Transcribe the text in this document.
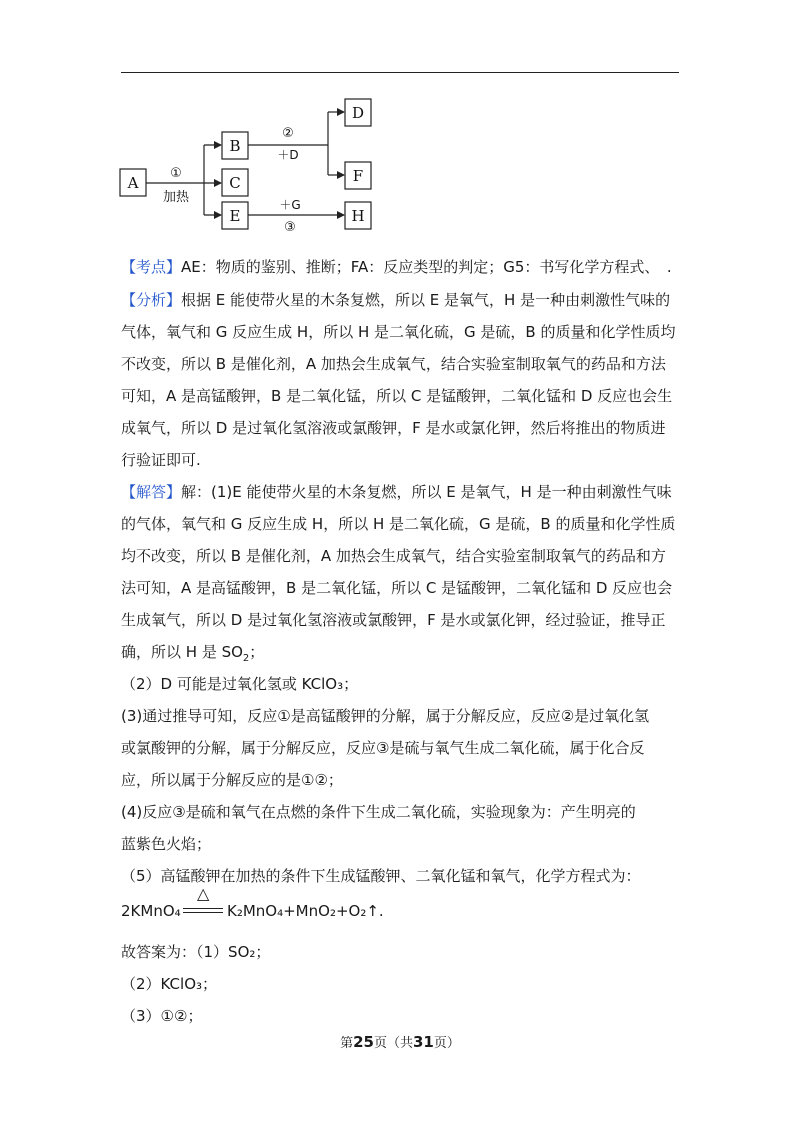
A
B
C
E
D
F
H
①
加热
②
＋D
＋G
③
【考点】AE：物质的鉴别、推断；FA：反应类型的判定；G5：书写化学方程式、　.
【分析】根据 E 能使带火星的木条复燃，所以 E 是氧气，H 是一种由刺激性气味的
气体，氧气和 G 反应生成 H，所以 H 是二氧化硫，G 是硫，B 的质量和化学性质均
不改变，所以 B 是催化剂，A 加热会生成氧气，结合实验室制取氧气的药品和方法
可知，A 是高锰酸钾，B 是二氧化锰，所以 C 是锰酸钾，二氧化锰和 D 反应也会生
成氧气，所以 D 是过氧化氢溶液或氯酸钾，F 是水或氯化钾，然后将推出的物质进
行验证即可.
【解答】解：(1)E 能使带火星的木条复燃，所以 E 是氧气，H 是一种由刺激性气味
的气体，氧气和 G 反应生成 H，所以 H 是二氧化硫，G 是硫，B 的质量和化学性质
均不改变，所以 B 是催化剂，A 加热会生成氧气，结合实验室制取氧气的药品和方
法可知，A 是高锰酸钾，B 是二氧化锰，所以 C 是锰酸钾，二氧化锰和 D 反应也会
生成氧气，所以 D 是过氧化氢溶液或氯酸钾，F 是水或氯化钾，经过验证，推导正
确，所以 H 是 $SO_2$；
（2）D 可能是过氧化氢或 KClO₃；
(3)通过推导可知，反应①是高锰酸钾的分解，属于分解反应，反应②是过氧化氢
或氯酸钾的分解，属于分解反应，反应③是硫与氧气生成二氧化硫，属于化合反
应，所以属于分解反应的是①②；
(4)反应③是硫和氧气在点燃的条件下生成二氧化硫，实验现象为：产生明亮的
蓝紫色火焰；
（5）高锰酸钾在加热的条件下生成锰酸钾、二氧化锰和氧气，化学方程式为：
2KMnO₄
△
K₂MnO₄+MnO₂+O₂↑.
故答案为：（1）SO₂；
（2）KClO₃；
（3）①②；
第25页（共31页）
